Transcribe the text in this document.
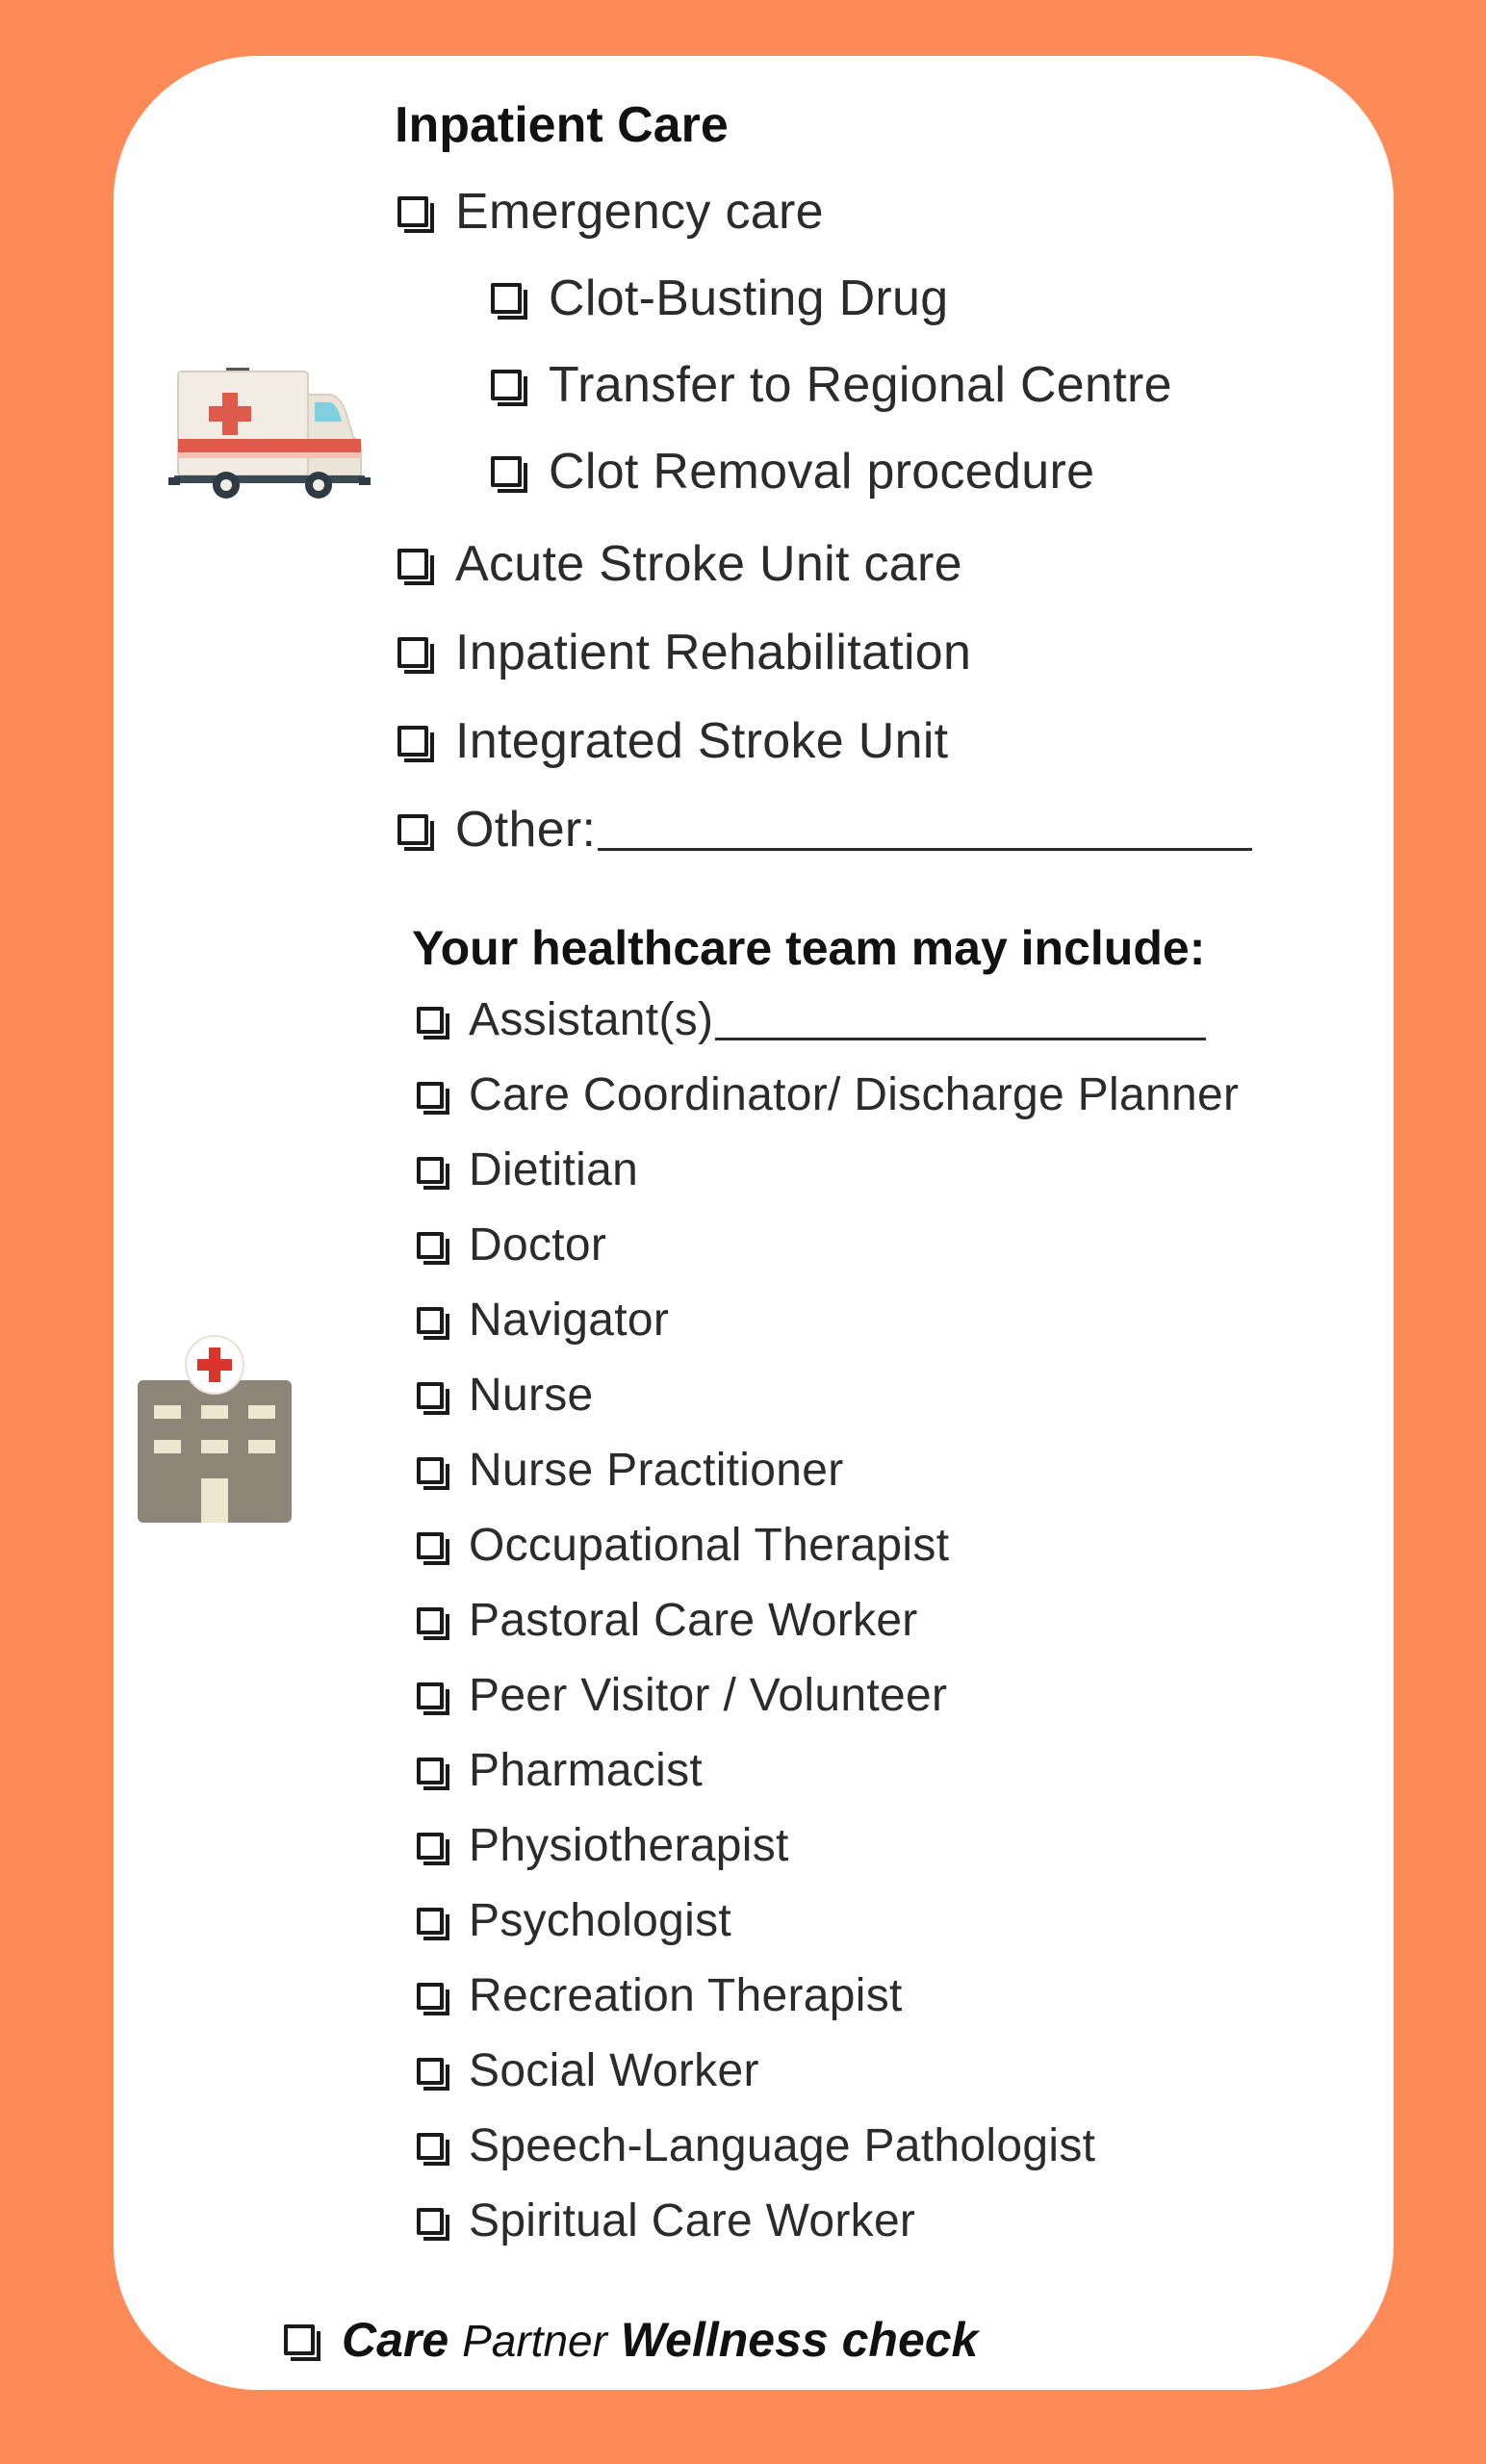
Inpatient Care
Emergency care
Clot-Busting Drug
Transfer to Regional Centre
Clot Removal procedure
Acute Stroke Unit care
Inpatient Rehabilitation
Integrated Stroke Unit
Other:
Your healthcare team may include:
Assistant(s)
Care Coordinator/ Discharge Planner
Dietitian
Doctor
Navigator
Nurse
Nurse Practitioner
Occupational Therapist
Pastoral Care Worker
Peer Visitor / Volunteer
Pharmacist
Physiotherapist
Psychologist
Recreation Therapist
Social Worker
Speech-Language Pathologist
Spiritual Care Worker
Care Partner Wellness check
